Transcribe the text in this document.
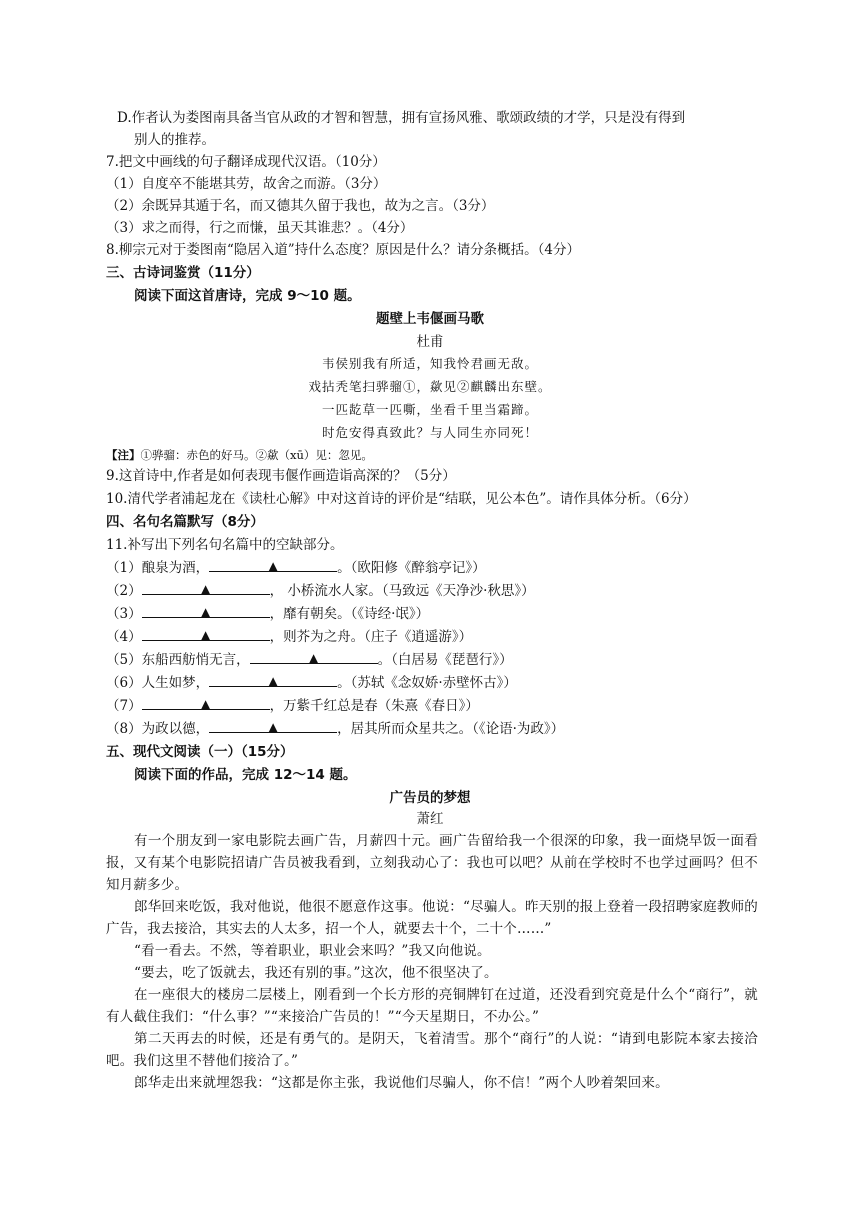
D.作者认为娄图南具备当官从政的才智和智慧，拥有宣扬风雅、歌颂政绩的才学，只是没有得到
别人的推荐。
7.把文中画线的句子翻译成现代汉语。（10分）
（1）自度卒不能堪其劳，故舍之而游。（3分）
（2）余既异其遁于名，而又德其久留于我也，故为之言。（3分）
（3）求之而得，行之而慊，虽天其谁悲？。（4分）
8.柳宗元对于娄图南“隐居入道”持什么态度？原因是什么？请分条概括。（4分）
三、古诗词鉴赏（11分）
阅读下面这首唐诗，完成 9～10 题。
题壁上韦偃画马歌
杜甫
韦侯别我有所适，知我怜君画无敌。
戏拈秃笔扫骅骝①，歘见②麒麟出东壁。
一匹龁草一匹嘶，坐看千里当霜蹄。
时危安得真致此？与人同生亦同死！
【注】①骅骝：赤色的好马。②歘（xū）见：忽见。
9.这首诗中,作者是如何表现韦偃作画造诣高深的？（5分）
10.清代学者浦起龙在《读杜心解》中对这首诗的评价是“结联，见公本色”。请作具体分析。（6分）
四、名句名篇默写（8分）
11.补写出下列名句名篇中的空缺部分。
（1）酿泉为酒，	▲	。（欧阳修《醉翁亭记》）
（2）	▲	， 小桥流水人家。（马致远《天净沙·秋思》）
（3）	▲	，靡有朝矣。（《诗经·氓》）
（4）	▲	，则芥为之舟。（庄子《逍遥游》）
（5）东船西舫悄无言，	▲	。（白居易《琵琶行》）
（6）人生如梦，	▲	。（苏轼《念奴娇·赤壁怀古》）
（7）	▲	，万紫千红总是春（朱熹《春日》）
（8）为政以德，	▲	，居其所而众星共之。（《论语·为政》）
五、现代文阅读（一）（15分）
阅读下面的作品，完成 12～14 题。
广告员的梦想
萧红
有一个朋友到一家电影院去画广告，月薪四十元。画广告留给我一个很深的印象，我一面烧早饭一面看报，又有某个电影院招请广告员被我看到，立刻我动心了：我也可以吧？从前在学校时不也学过画吗？但不知月薪多少。
郎华回来吃饭，我对他说，他很不愿意作这事。他说：“尽骗人。昨天别的报上登着一段招聘家庭教师的广告，我去接洽，其实去的人太多，招一个人，就要去十个，二十个……”
“看一看去。不然，等着职业，职业会来吗？”我又向他说。
“要去，吃了饭就去，我还有别的事。”这次，他不很坚决了。
在一座很大的楼房二层楼上，刚看到一个长方形的亮铜牌钉在过道，还没看到究竟是什么个“商行”，就有人截住我们：“什么事？”“来接洽广告员的！”“今天星期日，不办公。”
第二天再去的时候，还是有勇气的。是阴天，飞着清雪。那个“商行”的人说：“请到电影院本家去接洽吧。我们这里不替他们接洽了。”
郎华走出来就埋怨我：“这都是你主张，我说他们尽骗人，你不信！”两个人吵着架回来。
